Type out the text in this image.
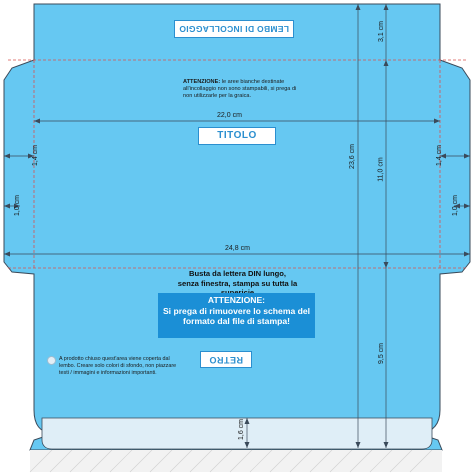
LEMBO DI INCOLLAGGIO
ATTENZIONE: le aree bianche destinate all'incollaggio non sono stampabili, si prega di non utilizzarle per la graica.
TITOLO
Busta da lettera DIN lungo,
senza finestra, stampa su tutta la
ATTENZIONE:
Si prega di rimuovere lo schema del
formato dal file di stampa!
RETRO
A prodotto chiuso quest'area viene coperta dal lembo. Creare solo colori di sfondo, non piazzare testi / immagini e informazioni importanti.
22,0 cm
24,8 cm
23,6 cm
11,0 cm
3,1 cm
9,5 cm
1,6 cm
1,4 cm	1,4 cm
1,0 cm	1,0 cm
